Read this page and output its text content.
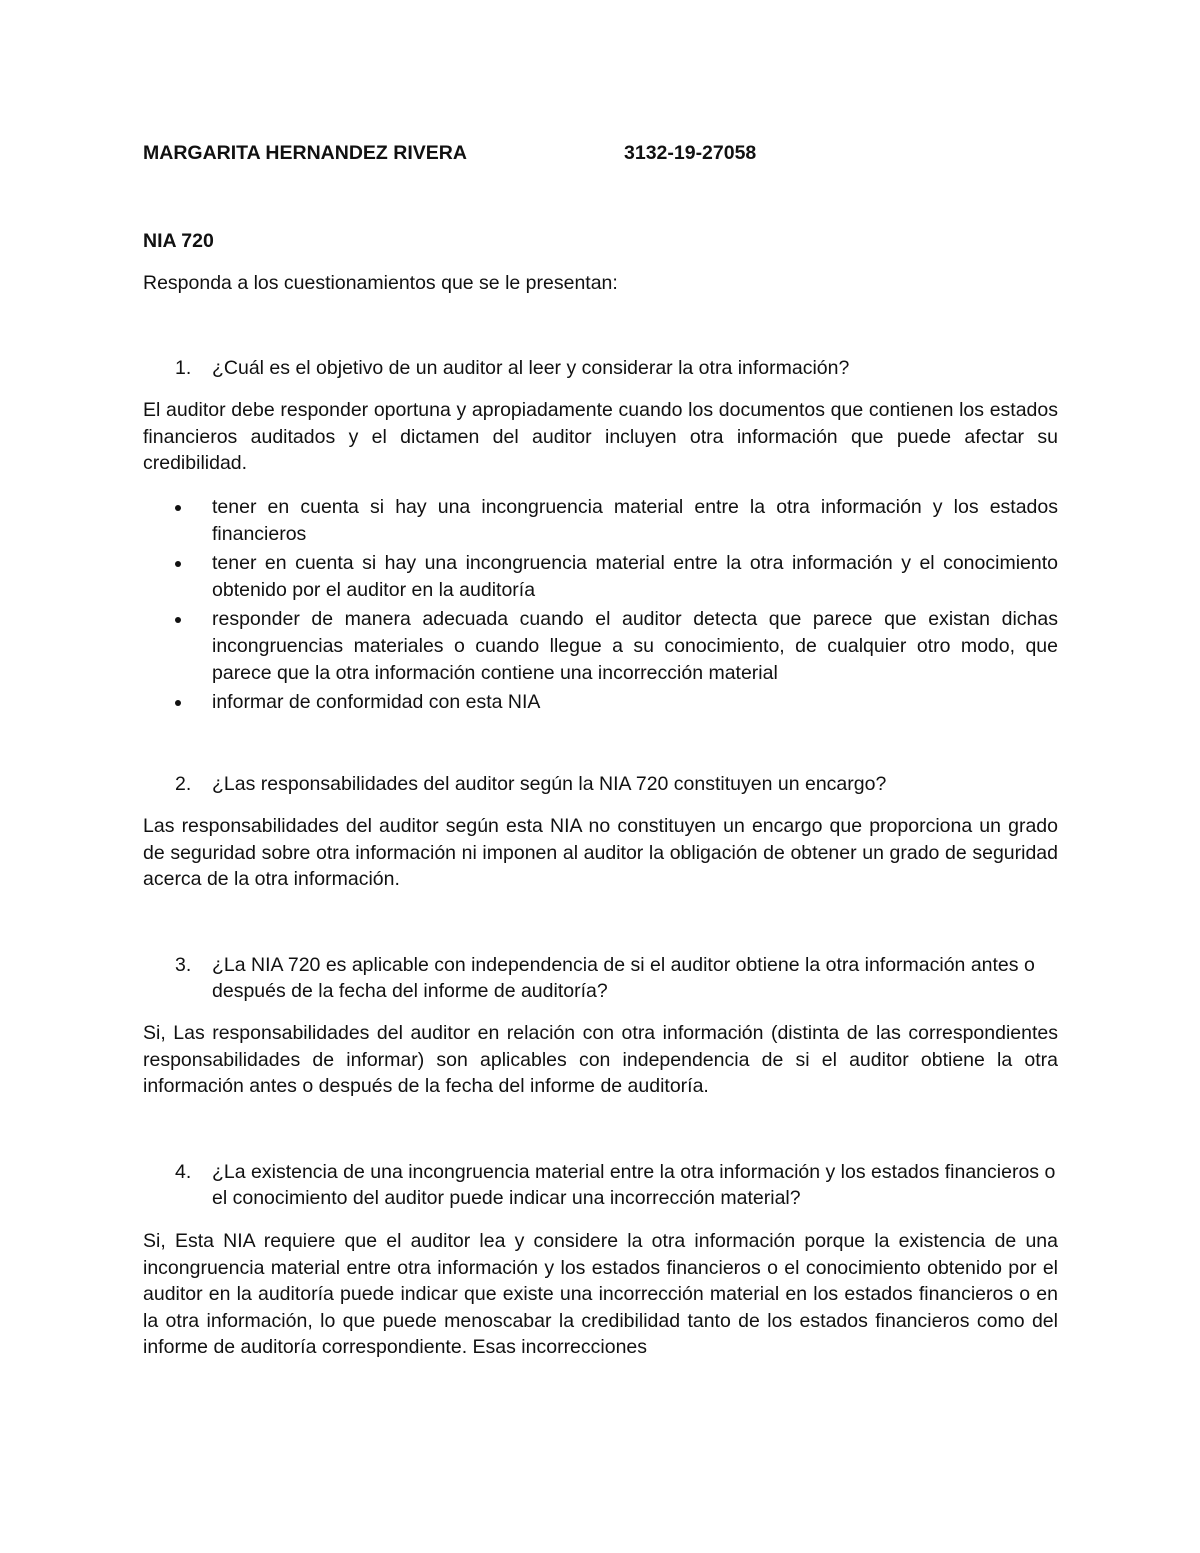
MARGARITA HERNANDEZ RIVERA	3132-19-27058
NIA 720
Responda a los cuestionamientos que se le presentan:
1.	¿Cuál es el objetivo de un auditor al leer y considerar la otra información?

El auditor debe responder oportuna y apropiadamente cuando los documentos que contienen los estados financieros auditados y el dictamen del auditor incluyen otra información que puede afectar su credibilidad.

tener en cuenta si hay una incongruencia material entre la otra información y los estados financieros
tener en cuenta si hay una incongruencia material entre la otra información y el conocimiento obtenido por el auditor en la auditoría
responder de manera adecuada cuando el auditor detecta que parece que existan dichas incongruencias materiales o cuando llegue a su conocimiento, de cualquier otro modo, que parece que la otra información contiene una incorrección material
informar de conformidad con esta NIA
2.	¿Las responsabilidades del auditor según la NIA 720 constituyen un encargo?

Las responsabilidades del auditor según esta NIA no constituyen un encargo que proporciona un grado de seguridad sobre otra información ni imponen al auditor la obligación de obtener un grado de seguridad acerca de la otra información.

3.	¿La NIA 720 es aplicable con independencia de si el auditor obtiene la otra información antes o después de la fecha del informe de auditoría?

Si, Las responsabilidades del auditor en relación con otra información (distinta de las correspondientes responsabilidades de informar) son aplicables con independencia de si el auditor obtiene la otra información antes o después de la fecha del informe de auditoría.

4.	¿La existencia de una incongruencia material entre la otra información y los estados financieros o el conocimiento del auditor puede indicar una incorrección material?

Si, Esta NIA requiere que el auditor lea y considere la otra información porque la existencia de una incongruencia material entre otra información y los estados financieros o el conocimiento obtenido por el auditor en la auditoría puede indicar que existe una incorrección material en los estados financieros o en la otra información, lo que puede menoscabar la credibilidad tanto de los estados financieros como del informe de auditoría correspondiente. Esas incorrecciones
